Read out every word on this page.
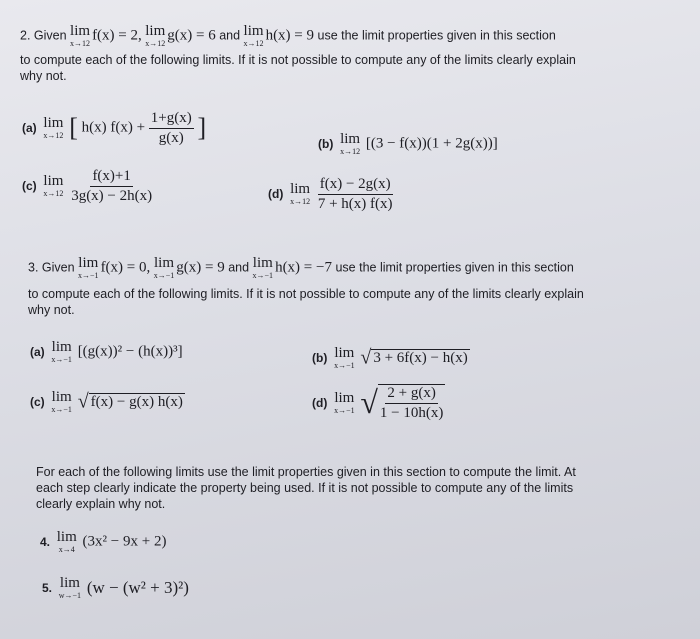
2. Given lim
x→12
f(x) = 2, lim
x→12
g(x) = 6 and lim
x→12
h(x) = 9 use the limit properties given in this section
to compute each of the following limits. If it is not possible to compute any of the limits clearly explain
why not.
(a) lim
x→12 [ h(x) $f(x) + \frac{1+g(x)}{g(x)}$ ]
(b) lim
x→12 [(3 − f(x))(1 + 2g(x))]
(c) lim
x→12
$\frac{f(x)+1}{3g(x) - 2h(x)}$	(d) lim
x→12
$\frac{f(x) - 2g(x)}{7 + h(x) f(x)}$
3. Given lim
x→−1
f(x) = 0, lim
x→−1
g(x) = 9 and lim
x→−1
h(x) = −7 use the limit properties given in this section
to compute each of the following limits. If it is not possible to compute any of the limits clearly explain
why not.
(a) lim
x→−1 [(g(x))² − (h(x))³]	(b) lim
x→−1 √ 3 + 6f(x) − h(x)
(c) lim
x→−1 √ f(x) − g(x) h(x)	(d) lim
x→−1 √ $\frac{2 + g(x)}{1 - 10h(x)}$
For each of the following limits use the limit properties given in this section to compute the limit. At
each step clearly indicate the property being used. If it is not possible to compute any of the limits
clearly explain why not.
4. lim
x→4 (3x² − 9x + 2)
5. lim
w→−1 (w − (w² + 3)²)
